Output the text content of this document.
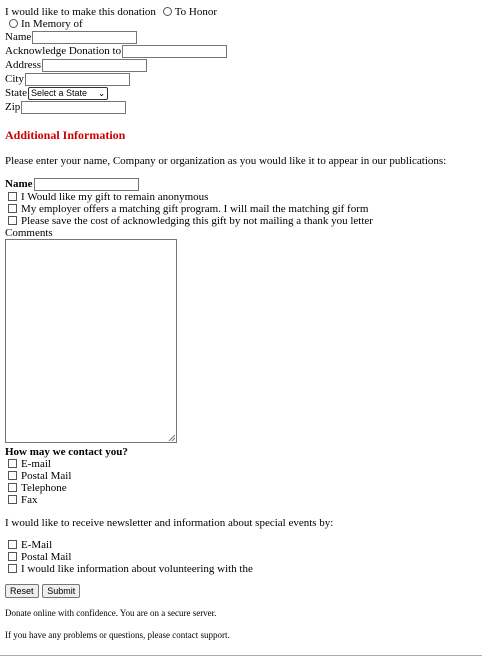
I would like to make this donation To Honor
In Memory of
Name
Acknowledge Donation to
Address
City
State Select a State ⌄
Zip
Additional Information
Please enter your name, Company or organization as you would like it to appear in our publications:
Name
I Would like my gift to remain anonymous
My employer offers a matching gift program. I will mail the matching gif form
Please save the cost of acknowledging this gift by not mailing a thank you letter
Comments
How may we contact you?
E-mail
Postal Mail
Telephone
Fax
I would like to receive newsletter and information about special events by:
E-Mail
Postal Mail
I would like information about volunteering with the
Reset Submit
Donate online with confidence. You are on a secure server.
If you have any problems or questions, please contact support.
